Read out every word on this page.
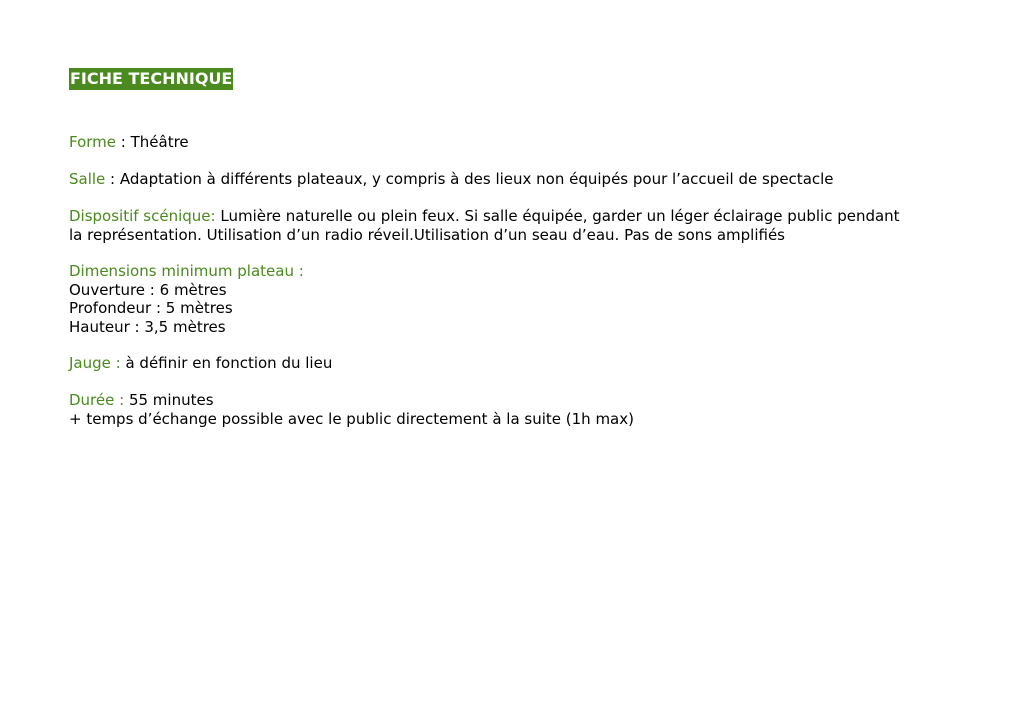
FICHE TECHNIQUE
Forme : Théâtre
Salle : Adaptation à différents plateaux, y compris à des lieux non équipés pour l’accueil de spectacle
Dispositif scénique: Lumière naturelle ou plein feux. Si salle équipée, garder un léger éclairage public pendant
la représentation. Utilisation d’un radio réveil.Utilisation d’un seau d’eau. Pas de sons amplifiés
Dimensions minimum plateau :
Ouverture : 6 mètres
Profondeur : 5 mètres
Hauteur : 3,5 mètres
Jauge : à définir en fonction du lieu
Durée : 55 minutes
+ temps d’échange possible avec le public directement à la suite (1h max)
